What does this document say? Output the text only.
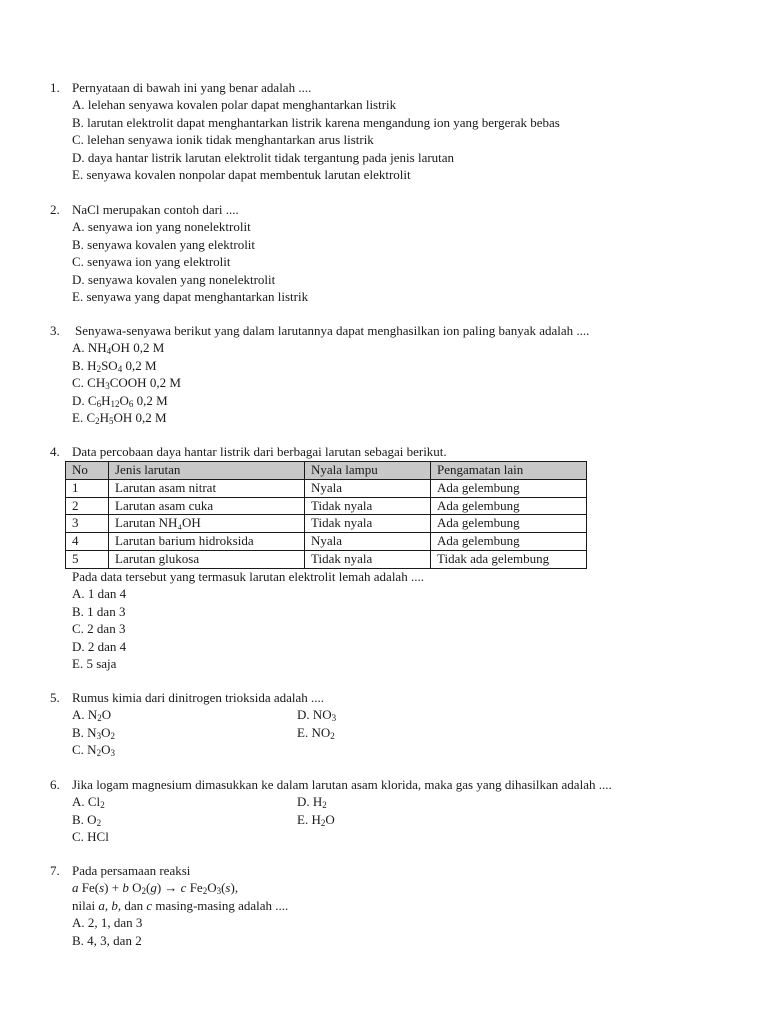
1. Pernyataan di bawah ini yang benar adalah ....
A. lelehan senyawa kovalen polar dapat menghantarkan listrik
B. larutan elektrolit dapat menghantarkan listrik karena mengandung ion yang bergerak bebas
C. lelehan senyawa ionik tidak menghantarkan arus listrik
D. daya hantar listrik larutan elektrolit tidak tergantung pada jenis larutan
E. senyawa kovalen nonpolar dapat membentuk larutan elektrolit
2. NaCl merupakan contoh dari ....
A. senyawa ion yang nonelektrolit
B. senyawa kovalen yang elektrolit
C. senyawa ion yang elektrolit
D. senyawa kovalen yang nonelektrolit
E. senyawa yang dapat menghantarkan listrik
3. Senyawa-senyawa berikut yang dalam larutannya dapat menghasilkan ion paling banyak adalah ....
A. $NH_4OH$ 0,2 M
B. $H_2SO_4$ 0,2 M
C. $CH_3COOH$ 0,2 M
D. $C_6H_{12}O_6$ 0,2 M
E. $C_2H_5OH$ 0,2 M
4. Data percobaan daya hantar listrik dari berbagai larutan sebagai berikut.
No	Jenis larutan	Nyala lampu	Pengamatan lain
1	Larutan asam nitrat	Nyala	Ada gelembung
2	Larutan asam cuka	Tidak nyala	Ada gelembung
3	Larutan NH₄OH	Tidak nyala	Ada gelembung
4	Larutan barium hidroksida	Nyala	Ada gelembung
5	Larutan glukosa	Tidak nyala	Tidak ada gelembung
Pada data tersebut yang termasuk larutan elektrolit lemah adalah ....
A. 1 dan 4
B. 1 dan 3
C. 2 dan 3
D. 2 dan 4
E. 5 saja
5. Rumus kimia dari dinitrogen trioksida adalah ....
A. $N_2O$	D. $NO_3$
B. $N_3O_2$	E. $NO_2$
C. $N_2O_3$
6. Jika logam magnesium dimasukkan ke dalam larutan asam klorida, maka gas yang dihasilkan adalah ....
A. $Cl_2$	D. $H_2$
B. $O_2$	E. $H_2O$
C. HCl
7. Pada persamaan reaksi
a Fe(s) + b $O_2(g) \to c$ $Fe_2O_3(s)$,
nilai a, b, dan c masing-masing adalah ....
A. 2, 1, dan 3
B. 4, 3, dan 2
